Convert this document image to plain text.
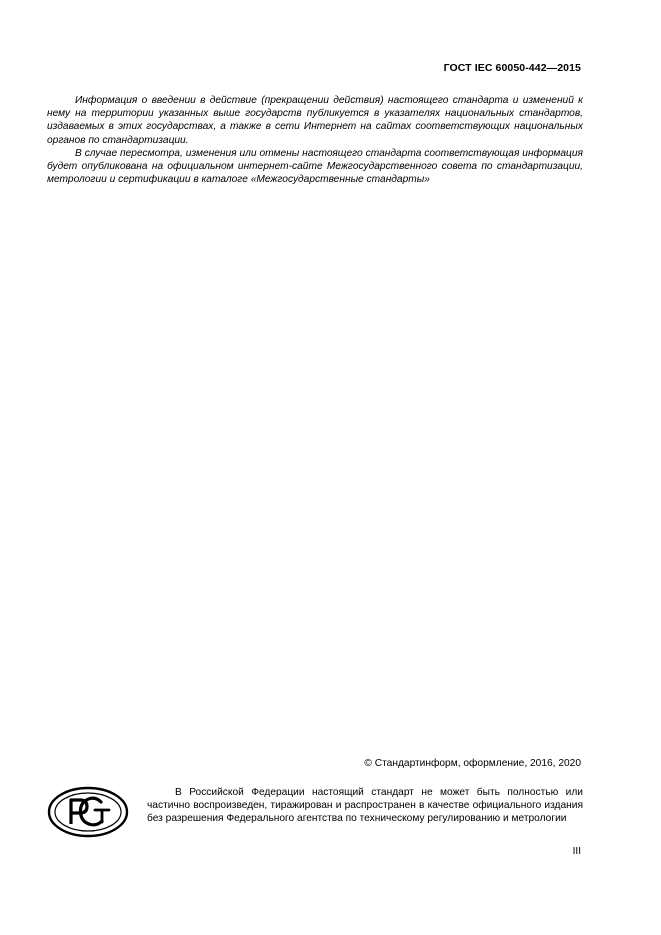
ГОСТ IEC 60050-442—2015

Информация о введении в действие (прекращении действия) настоящего стандарта и изменений к нему на территории указанных выше государств публикуется в указателях национальных стандартов, издаваемых в этих государствах, а также в сети Интернет на сайтах соответствующих национальных органов по стандартизации.

В случае пересмотра, изменения или отмены настоящего стандарта соответствующая информация будет опубликована на официальном интернет-сайте Межгосударственного совета по стандартизации, метрологии и сертификации в каталоге «Межгосударственные стандарты»

© Стандартинформ, оформление, 2016, 2020

В Российской Федерации настоящий стандарт не может быть полностью или частично воспроизведен, тиражирован и распространен в качестве официального издания без разрешения Федерального агентства по техническому регулированию и метрологии

III
